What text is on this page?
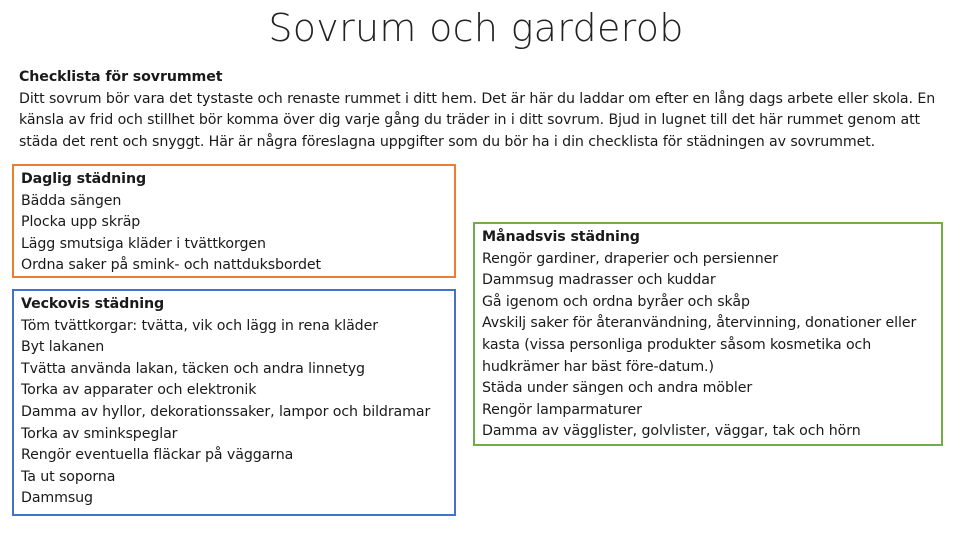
Sovrum och garderob
Checklista för sovrummet

Ditt sovrum bör vara det tystaste och renaste rummet i ditt hem. Det är här du laddar om efter en lång dags arbete eller skola. En känsla av frid och stillhet bör komma över dig varje gång du träder in i ditt sovrum. Bjud in lugnet till det här rummet genom att städa det rent och snyggt. Här är några föreslagna uppgifter som du bör ha i din checklista för städningen av sovrummet.

Daglig städning
Bädda sängen
Plocka upp skräp
Lägg smutsiga kläder i tvättkorgen
Ordna saker på smink- och nattduksbordet
Veckovis städning
Töm tvättkorgar: tvätta, vik och lägg in rena kläder
Byt lakanen
Tvätta använda lakan, täcken och andra linnetyg
Torka av apparater och elektronik
Damma av hyllor, dekorationssaker, lampor och bildramar
Torka av sminkspeglar
Rengör eventuella fläckar på väggarna
Ta ut soporna
Dammsug
Månadsvis städning
Rengör gardiner, draperier och persienner
Dammsug madrasser och kuddar
Gå igenom och ordna byråer och skåp
Avskilj saker för återanvändning, återvinning, donationer eller kasta (vissa personliga produkter såsom kosmetika och hudkrämer har bäst före-datum.)
Städa under sängen och andra möbler
Rengör lamparmaturer
Damma av vägglister, golvlister, väggar, tak och hörn
